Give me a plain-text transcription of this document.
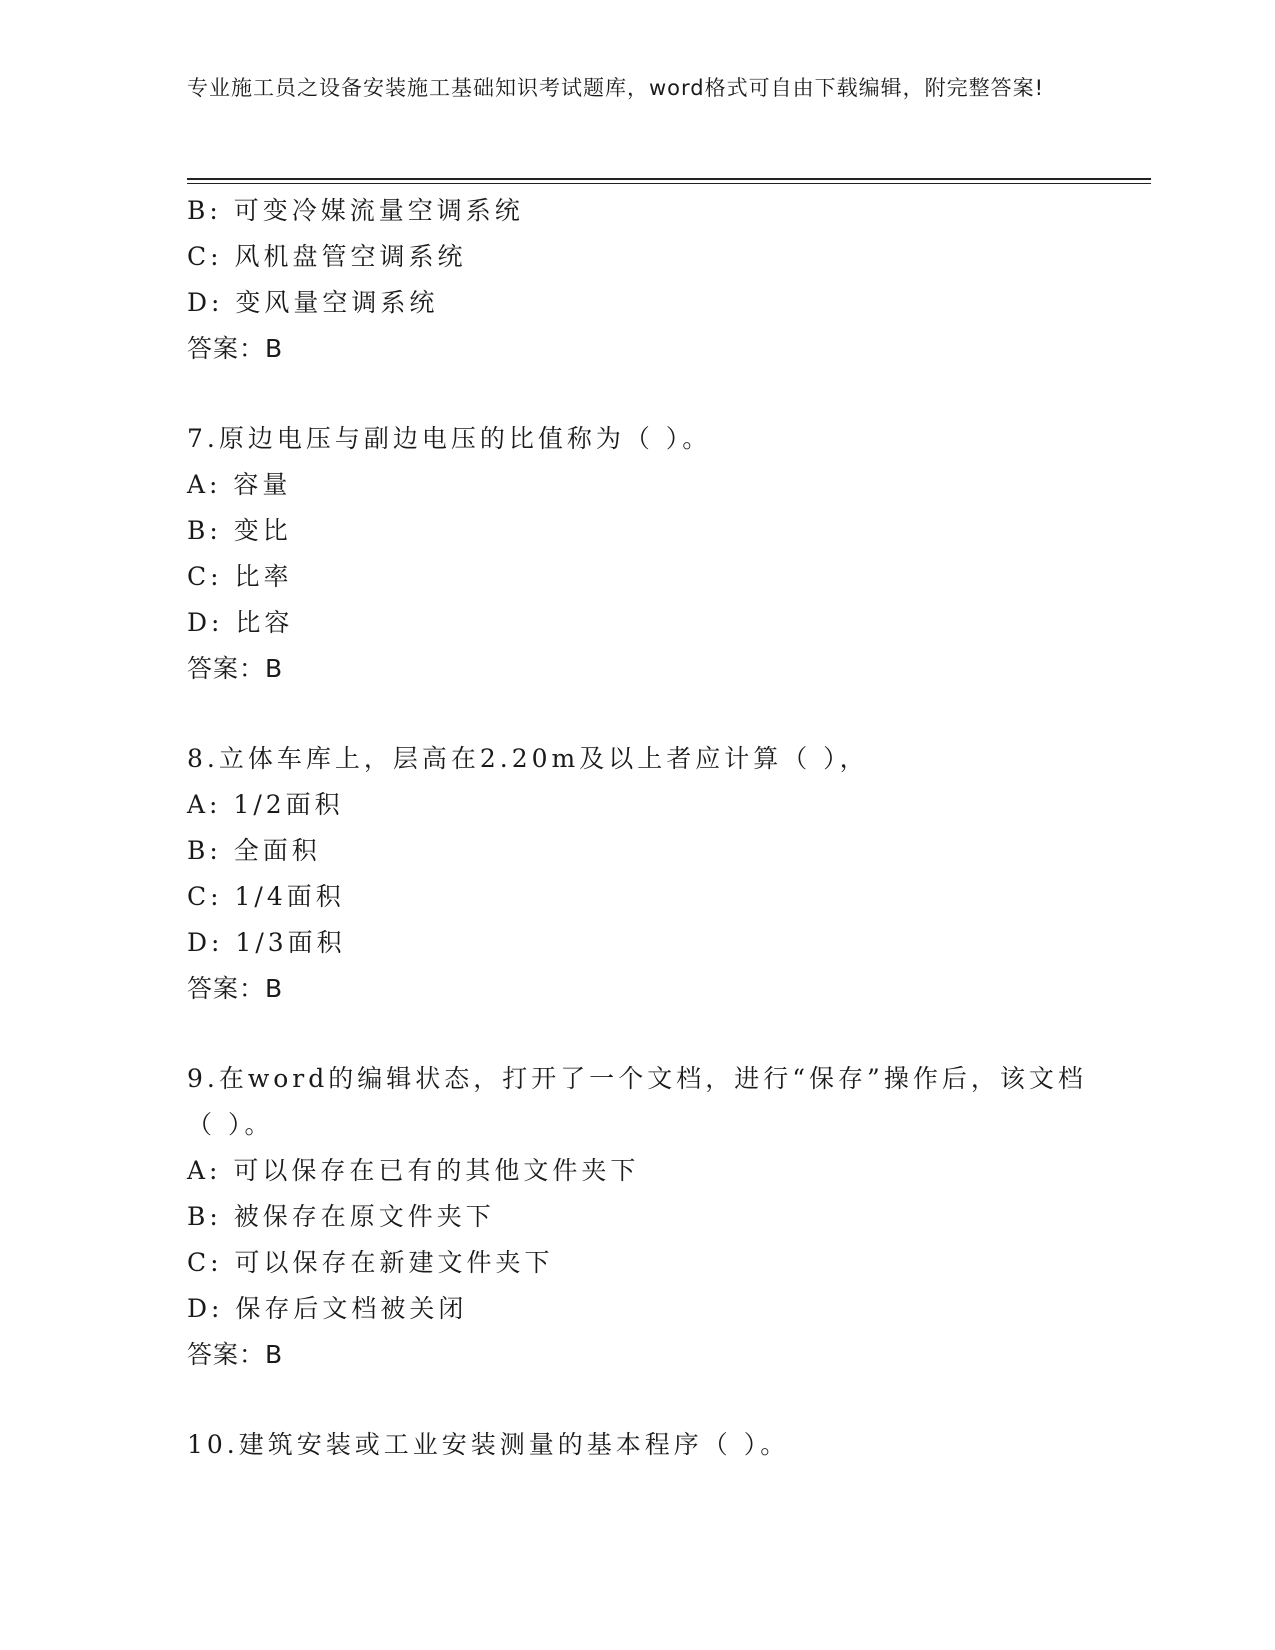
专业施工员之设备安装施工基础知识考试题库，word格式可自由下载编辑，附完整答案!
B: 可变冷媒流量空调系统
C: 风机盘管空调系统
D: 变风量空调系统
答案：B
7.原边电压与副边电压的比值称为（ ）。
A: 容量
B: 变比
C: 比率
D: 比容
答案：B
8.立体车库上，层高在2.20m及以上者应计算（ ），
A: 1/2面积
B: 全面积
C: 1/4面积
D: 1/3面积
答案：B
9.在word的编辑状态，打开了一个文档，进行“保存”操作后，该文档（ ）。
A: 可以保存在已有的其他文件夹下
B: 被保存在原文件夹下
C: 可以保存在新建文件夹下
D: 保存后文档被关闭
答案：B
10.建筑安装或工业安装测量的基本程序（ ）。
